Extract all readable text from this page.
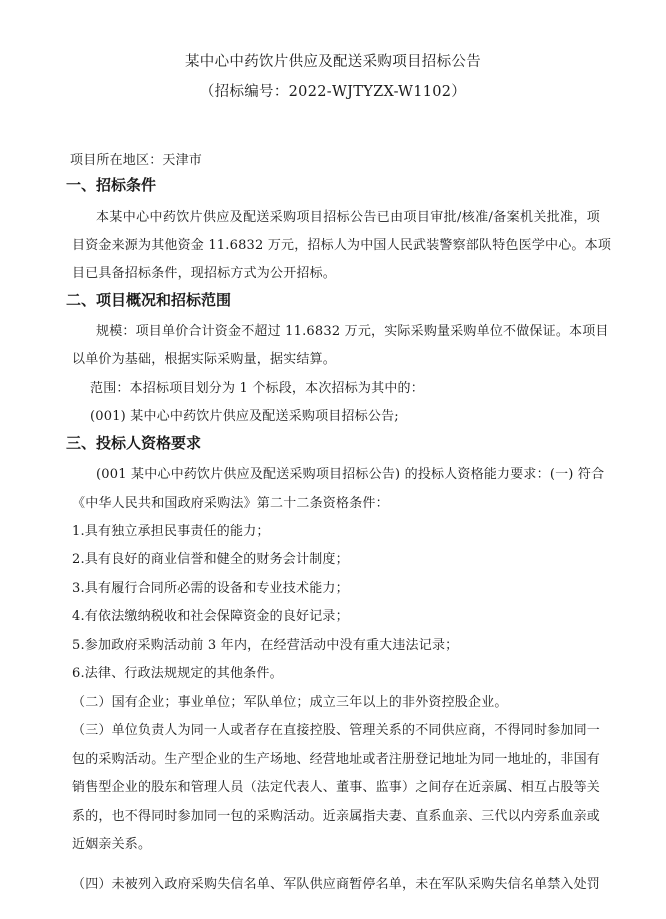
某中心中药饮片供应及配送采购项目招标公告
（招标编号：2022-WJTYZX-W1102）
项目所在地区：天津市
一、招标条件
本某中心中药饮片供应及配送采购项目招标公告已由项目审批/核准/备案机关批准，项
目资金来源为其他资金 11.6832 万元，招标人为中国人民武装警察部队特色医学中心。本项
目已具备招标条件，现招标方式为公开招标。
二、项目概况和招标范围
规模：项目单价合计资金不超过 11.6832 万元，实际采购量采购单位不做保证。本项目
以单价为基础，根据实际采购量，据实结算。
范围：本招标项目划分为 1 个标段，本次招标为其中的：
(001) 某中心中药饮片供应及配送采购项目招标公告;
三、投标人资格要求
(001 某中心中药饮片供应及配送采购项目招标公告) 的投标人资格能力要求：(一) 符合
《中华人民共和国政府采购法》第二十二条资格条件：
1.具有独立承担民事责任的能力；
2.具有良好的商业信誉和健全的财务会计制度；
3.具有履行合同所必需的设备和专业技术能力；
4.有依法缴纳税收和社会保障资金的良好记录；
5.参加政府采购活动前 3 年内，在经营活动中没有重大违法记录；
6.法律、行政法规规定的其他条件。
（二）国有企业；事业单位；军队单位；成立三年以上的非外资控股企业。
（三）单位负责人为同一人或者存在直接控股、管理关系的不同供应商，不得同时参加同一
包的采购活动。生产型企业的生产场地、经营地址或者注册登记地址为同一地址的，非国有
销售型企业的股东和管理人员（法定代表人、董事、监事）之间存在近亲属、相互占股等关
系的，也不得同时参加同一包的采购活动。近亲属指夫妻、直系血亲、三代以内旁系血亲或
近姻亲关系。
（四）未被列入政府采购失信名单、军队供应商暂停名单，未在军队采购失信名单禁入处罚
